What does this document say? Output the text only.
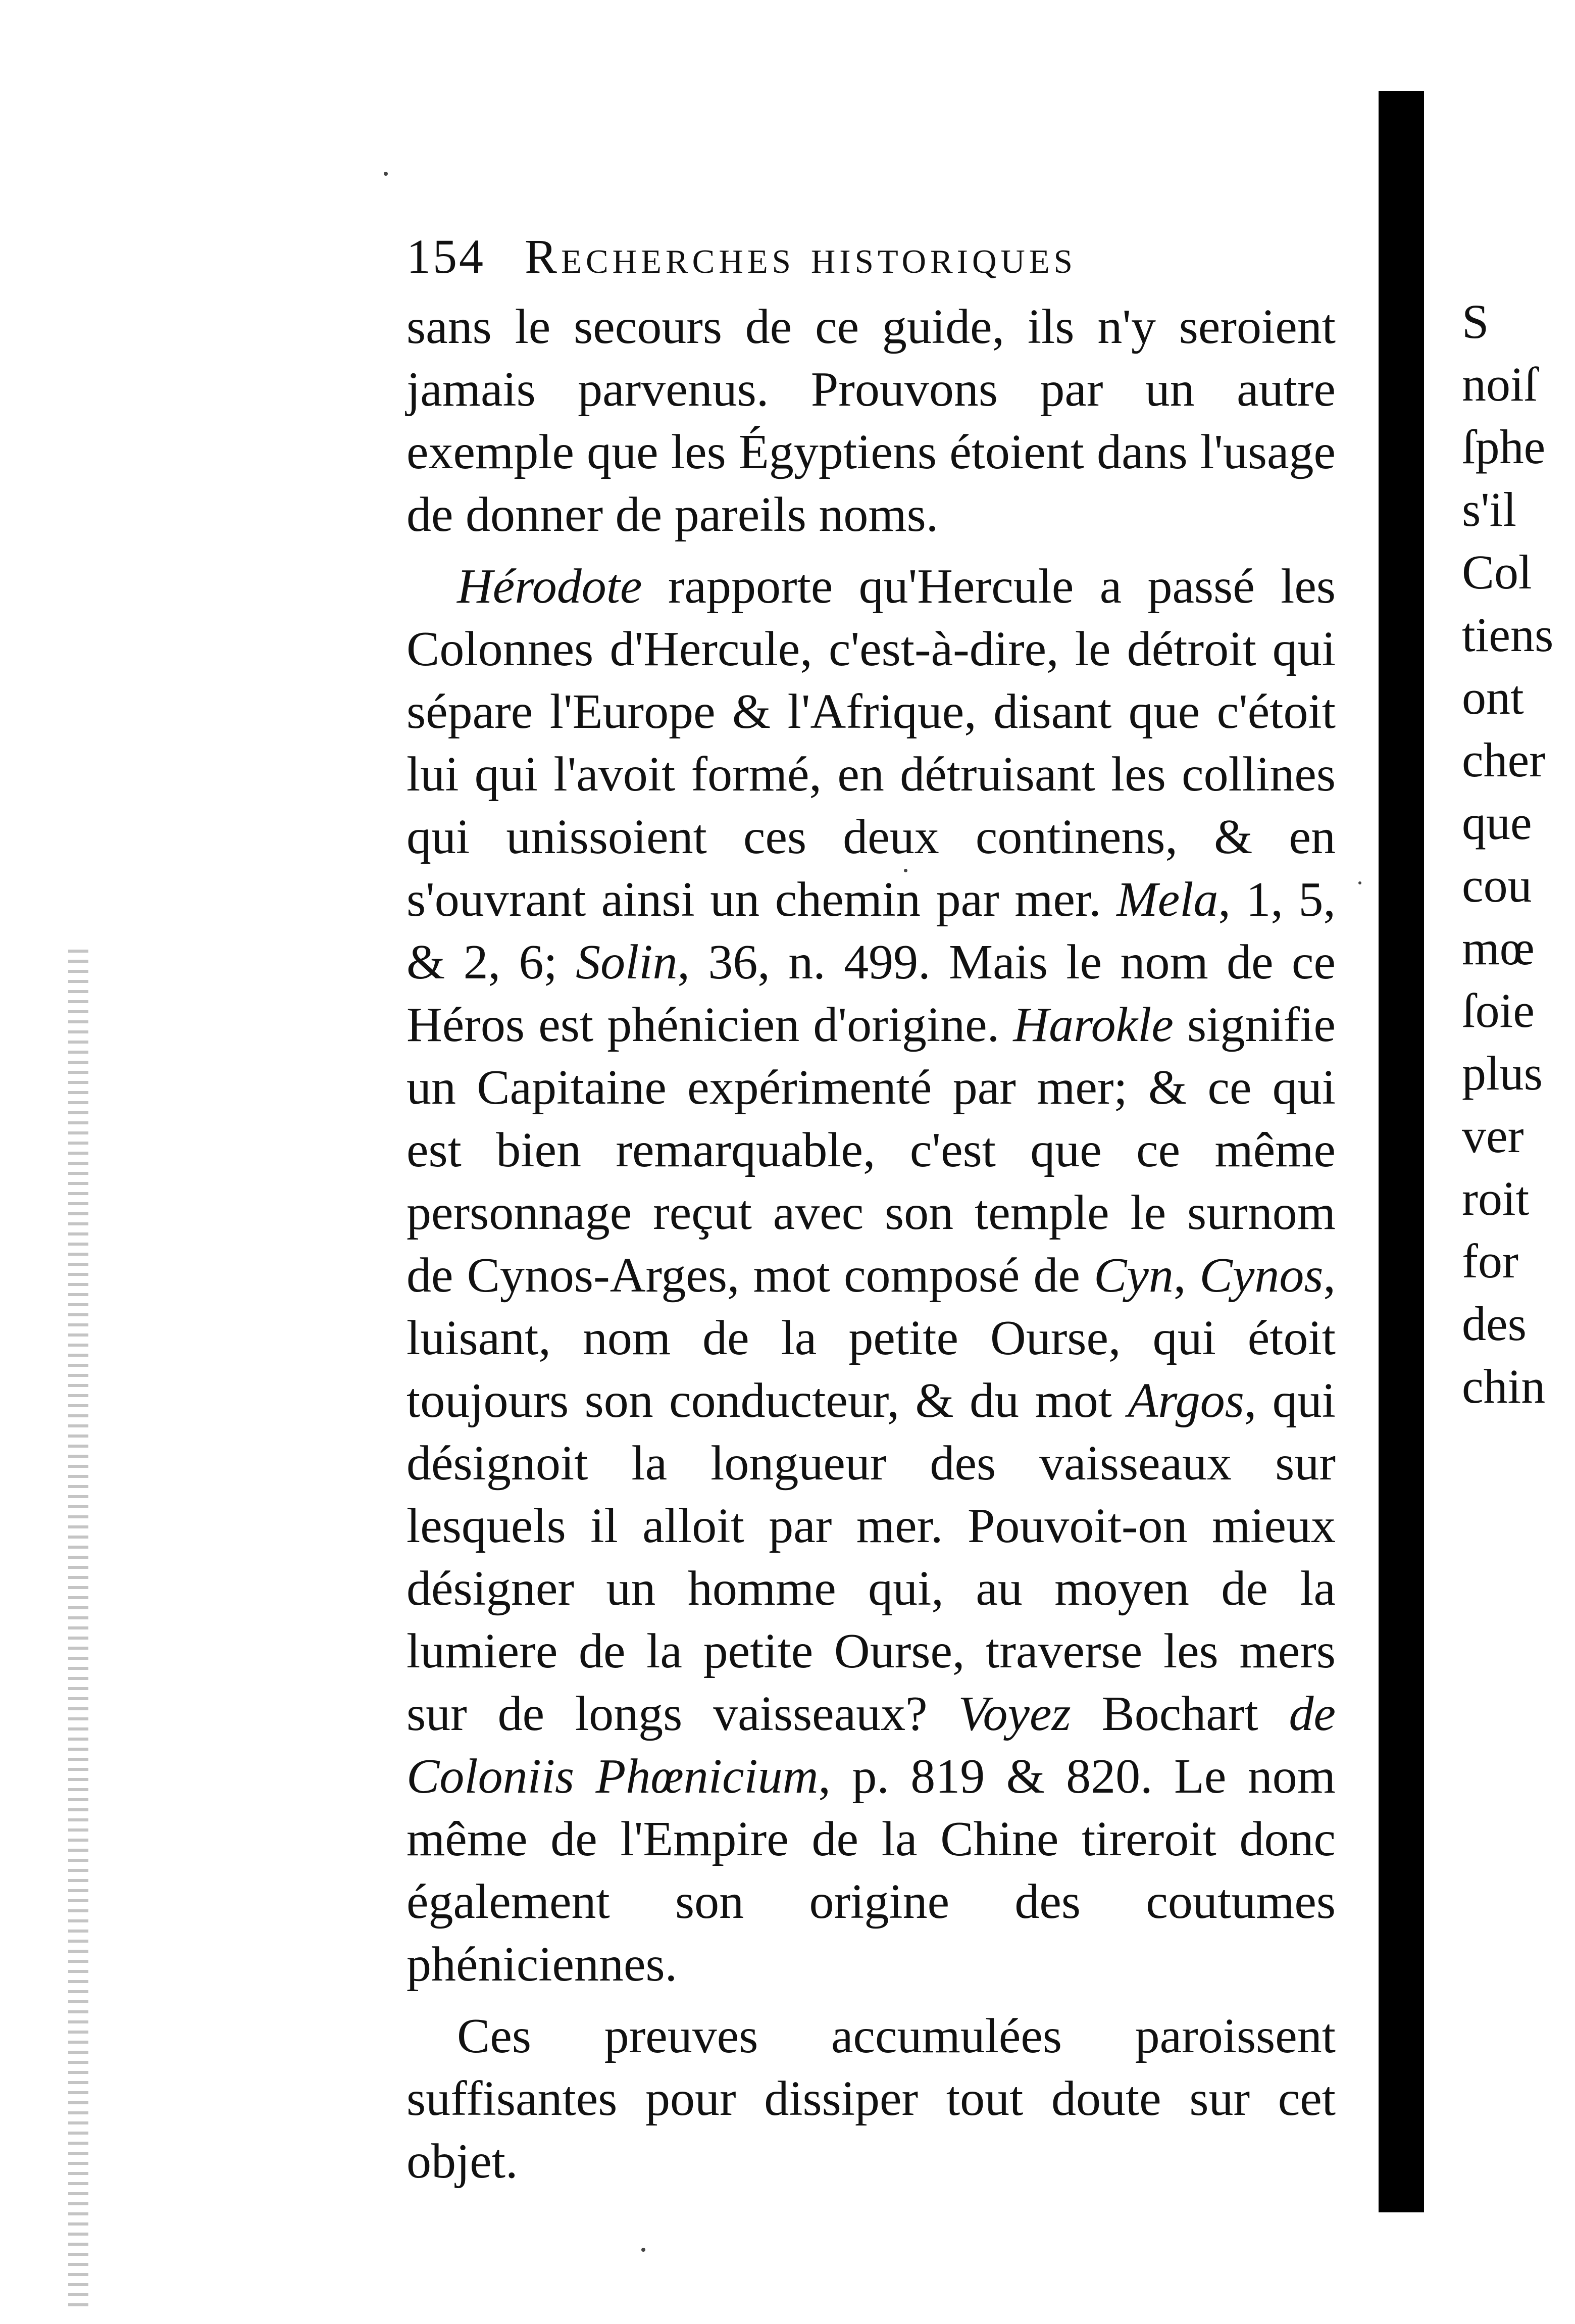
154 Recherches historiques

sans le secours de ce guide, ils n'y seroient jamais parvenus. Prouvons par un autre exemple que les Égyptiens étoient dans l'usage de donner de pareils noms.

Hérodote rapporte qu'Hercule a passé les Colonnes d'Hercule, c'est-à-dire, le détroit qui sépare l'Europe & l'Afrique, disant que c'étoit lui qui l'avoit formé, en détruisant les collines qui unissoient ces deux continens, & en s'ouvrant ainsi un chemin par mer. Mela, 1, 5, & 2, 6; Solin, 36, n. 499. Mais le nom de ce Héros est phénicien d'origine. Harokle signifie un Capitaine expérimenté par mer; & ce qui est bien remarquable, c'est que ce même personnage reçut avec son temple le surnom de Cynos-Arges, mot composé de Cyn, Cynos, luisant, nom de la petite Ourse, qui étoit toujours son conducteur, & du mot Argos, qui désignoit la longueur des vaisseaux sur lesquels il alloit par mer. Pouvoit-on mieux désigner un homme qui, au moyen de la lumiere de la petite Ourse, traverse les mers sur de longs vaisseaux? Voyez Bochart de Coloniis Phœnicium, p. 819 & 820. Le nom même de l'Empire de la Chine tireroit donc également son origine des coutumes phéniciennes.

Ces preuves accumulées paroissent suffisantes pour dissiper tout doute sur cet objet.

S
noiſ
ſphe
s'il
Col
tiens
ont
cher
que
cou
mœ
ſoie
plus
ver
roit
for
des
chin
